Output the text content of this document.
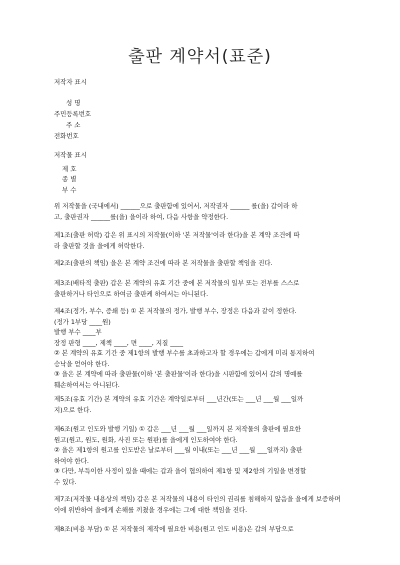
출판 계약서(표준)
저작자 표시
성 명
주민등록번호
주 소
전화번호
저작물 표시
제 호
종 별
부 수
위 저작물을 (국내에서) ______으로 출판함에 있어서, 저작권자 ______ 를(을) 갑이라 하
고, 출판권자 ______를(을) 을이라 하여, 다음 사항을 약정한다.
제1조(출판 허락) 갑은 위 표시의 저작물(이하 '본 저작물'이라 한다)을 본 계약 조건에 따
라 출판할 것을 을에게 허락한다.
제2조(출판의 책임) 을은 본 계약 조건에 따라 본 저작물을 출판할 책임을 진다.
제3조(배타적 출판) 갑은 본 계약의 유효 기간 중에 본 저작물의 일부 또는 전부를 스스로
출판하거나 타인으로 하여금 출판케 하여서는 아니된다.
제4조(정가, 부수, 증쇄 등) ① 본 저작물의 정가, 발행 부수, 장정은 다음과 같이 정한다.
(정가 1부당 ____원)
발행 부수 ____부
장정 판형 ____, 제책 ____, 면 ____, 지질 ____
② 본 계약의 유효 기간 중 제1항의 발행 부수를 초과하고자 할 경우에는 갑에게 미리 통지하여
승낙을 얻어야 한다.
③ 을은 본 계약에 따라 출판물(이하 '본 출판물'이라 한다)을 시판함에 있어서 갑의 명예를
훼손하여서는 아니된다.
제5조(유효 기간) 본 계약의 유효 기간은 계약일로부터 ___년간(또는 ___년 ___월 ___일까
지)으로 한다.
제6조(원고 인도와 발행 기일) ① 갑은 ___년 ___월 ___일까지 본 저작물의 출판에 필요한
원고(원고, 원도, 원화, 사진 또는 원판)를 을에게 인도하여야 한다.
② 을은 제1항의 원고를 인도받은 날로부터 ___월 이내(또는 ___년 ___월 ___일까지) 출판
하여야 한다.
③ 다만, 부득이한 사정이 있을 때에는 갑과 을이 협의하여 제1항 및 제2항의 기일을 변경할
수 있다.
제7조(저작물 내용상의 책임) 갑은 본 저작물의 내용이 타인의 권리를 침해하지 않음을 을에게 보증하며
이에 위반하여 을에게 손해를 끼쳤을 경우에는 그에 대한 책임을 진다.
제8조(비용 부담) ① 본 저작물의 제작에 필요한 비용(원고 인도 비용)은 갑의 부담으로
